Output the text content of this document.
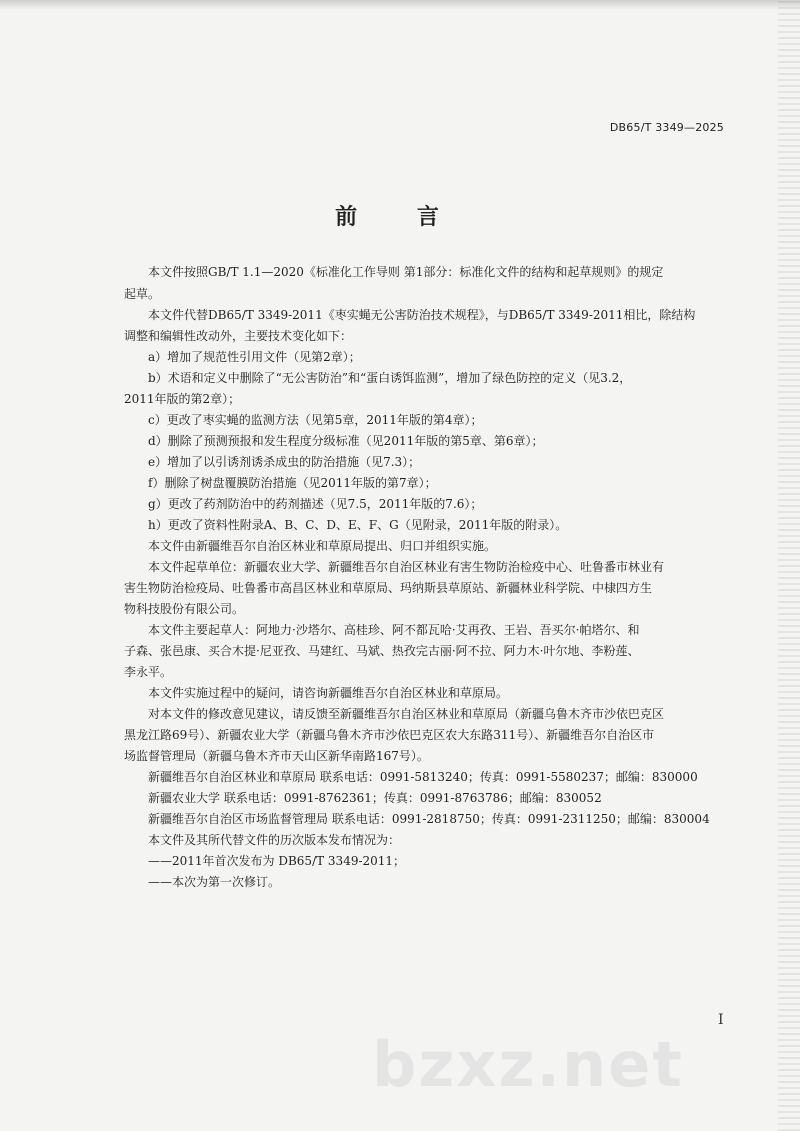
DB65/T 3349—2025
前 言
本文件按照GB/T 1.1—2020《标准化工作导则 第1部分：标准化文件的结构和起草规则》的规定
起草。
本文件代替DB65/T 3349-2011《枣实蝇无公害防治技术规程》，与DB65/T 3349-2011相比，除结构
调整和编辑性改动外，主要技术变化如下：
a）增加了规范性引用文件（见第2章）；
b）术语和定义中删除了“无公害防治”和“蛋白诱饵监测”，增加了绿色防控的定义（见3.2，
2011年版的第2章）；
c）更改了枣实蝇的监测方法（见第5章，2011年版的第4章）；
d）删除了预测预报和发生程度分级标准（见2011年版的第5章、第6章）；
e）增加了以引诱剂诱杀成虫的防治措施（见7.3）；
f）删除了树盘覆膜防治措施（见2011年版的第7章）；
g）更改了药剂防治中的药剂描述（见7.5，2011年版的7.6）；
h）更改了资料性附录A、B、C、D、E、F、G（见附录，2011年版的附录）。
本文件由新疆维吾尔自治区林业和草原局提出、归口并组织实施。
本文件起草单位：新疆农业大学、新疆维吾尔自治区林业有害生物防治检疫中心、吐鲁番市林业有
害生物防治检疫局、吐鲁番市高昌区林业和草原局、玛纳斯县草原站、新疆林业科学院、中棣四方生
物科技股份有限公司。
本文件主要起草人：阿地力·沙塔尔、高桂珍、阿不都瓦哈·艾再孜、王岩、吾买尔·帕塔尔、和
子森、张邑康、买合木提·尼亚孜、马建红、马斌、热孜完古丽·阿不拉、阿力木·叶尔地、李粉莲、
李永平。
本文件实施过程中的疑问，请咨询新疆维吾尔自治区林业和草原局。
对本文件的修改意见建议，请反馈至新疆维吾尔自治区林业和草原局（新疆乌鲁木齐市沙依巴克区
黑龙江路69号）、新疆农业大学（新疆乌鲁木齐市沙依巴克区农大东路311号）、新疆维吾尔自治区市
场监督管理局（新疆乌鲁木齐市天山区新华南路167号）。
新疆维吾尔自治区林业和草原局 联系电话：0991-5813240；传真：0991-5580237；邮编：830000
新疆农业大学 联系电话：0991-8762361；传真：0991-8763786；邮编：830052
新疆维吾尔自治区市场监督管理局 联系电话：0991-2818750；传真：0991-2311250；邮编：830004
本文件及其所代替文件的历次版本发布情况为：
——2011年首次发布为 DB65/T 3349-2011；
——本次为第一次修订。
bzxz.net
I
